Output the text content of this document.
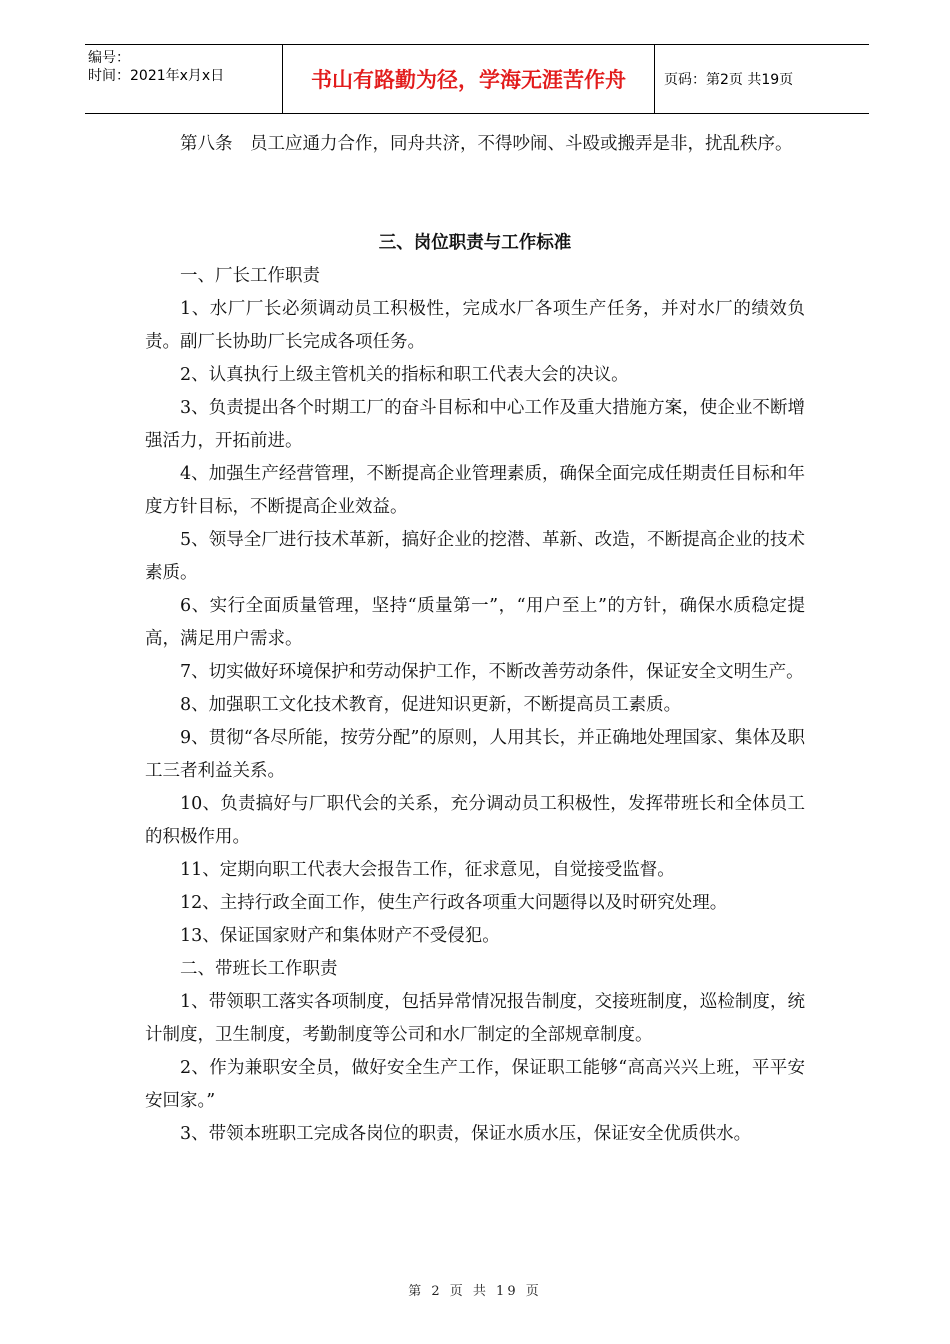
编号：
时间：2021年x月x日	书山有路勤为径，学海无涯苦作舟	页码：第2页 共19页

第八条　员工应通力合作，同舟共济，不得吵闹、斗殴或搬弄是非，扰乱秩序。

三、岗位职责与工作标准

一、厂长工作职责

1、水厂厂长必须调动员工积极性，完成水厂各项生产任务，并对水厂的绩效负责。副厂长协助厂长完成各项任务。

2、认真执行上级主管机关的指标和职工代表大会的决议。

3、负责提出各个时期工厂的奋斗目标和中心工作及重大措施方案，使企业不断增强活力，开拓前进。

4、加强生产经营管理，不断提高企业管理素质，确保全面完成任期责任目标和年度方针目标，不断提高企业效益。

5、领导全厂进行技术革新，搞好企业的挖潜、革新、改造，不断提高企业的技术素质。

6、实行全面质量管理，坚持“质量第一”，“用户至上”的方针，确保水质稳定提高，满足用户需求。

7、切实做好环境保护和劳动保护工作，不断改善劳动条件，保证安全文明生产。

8、加强职工文化技术教育，促进知识更新，不断提高员工素质。

9、贯彻“各尽所能，按劳分配”的原则，人用其长，并正确地处理国家、集体及职工三者利益关系。

10、负责搞好与厂职代会的关系，充分调动员工积极性，发挥带班长和全体员工的积极作用。

11、定期向职工代表大会报告工作，征求意见，自觉接受监督。

12、主持行政全面工作，使生产行政各项重大问题得以及时研究处理。

13、保证国家财产和集体财产不受侵犯。

二、带班长工作职责

1、带领职工落实各项制度，包括异常情况报告制度，交接班制度，巡检制度，统计制度，卫生制度，考勤制度等公司和水厂制定的全部规章制度。

2、作为兼职安全员，做好安全生产工作，保证职工能够“高高兴兴上班，平平安安回家。”

3、带领本班职工完成各岗位的职责，保证水质水压，保证安全优质供水。

第 2 页 共 19 页
